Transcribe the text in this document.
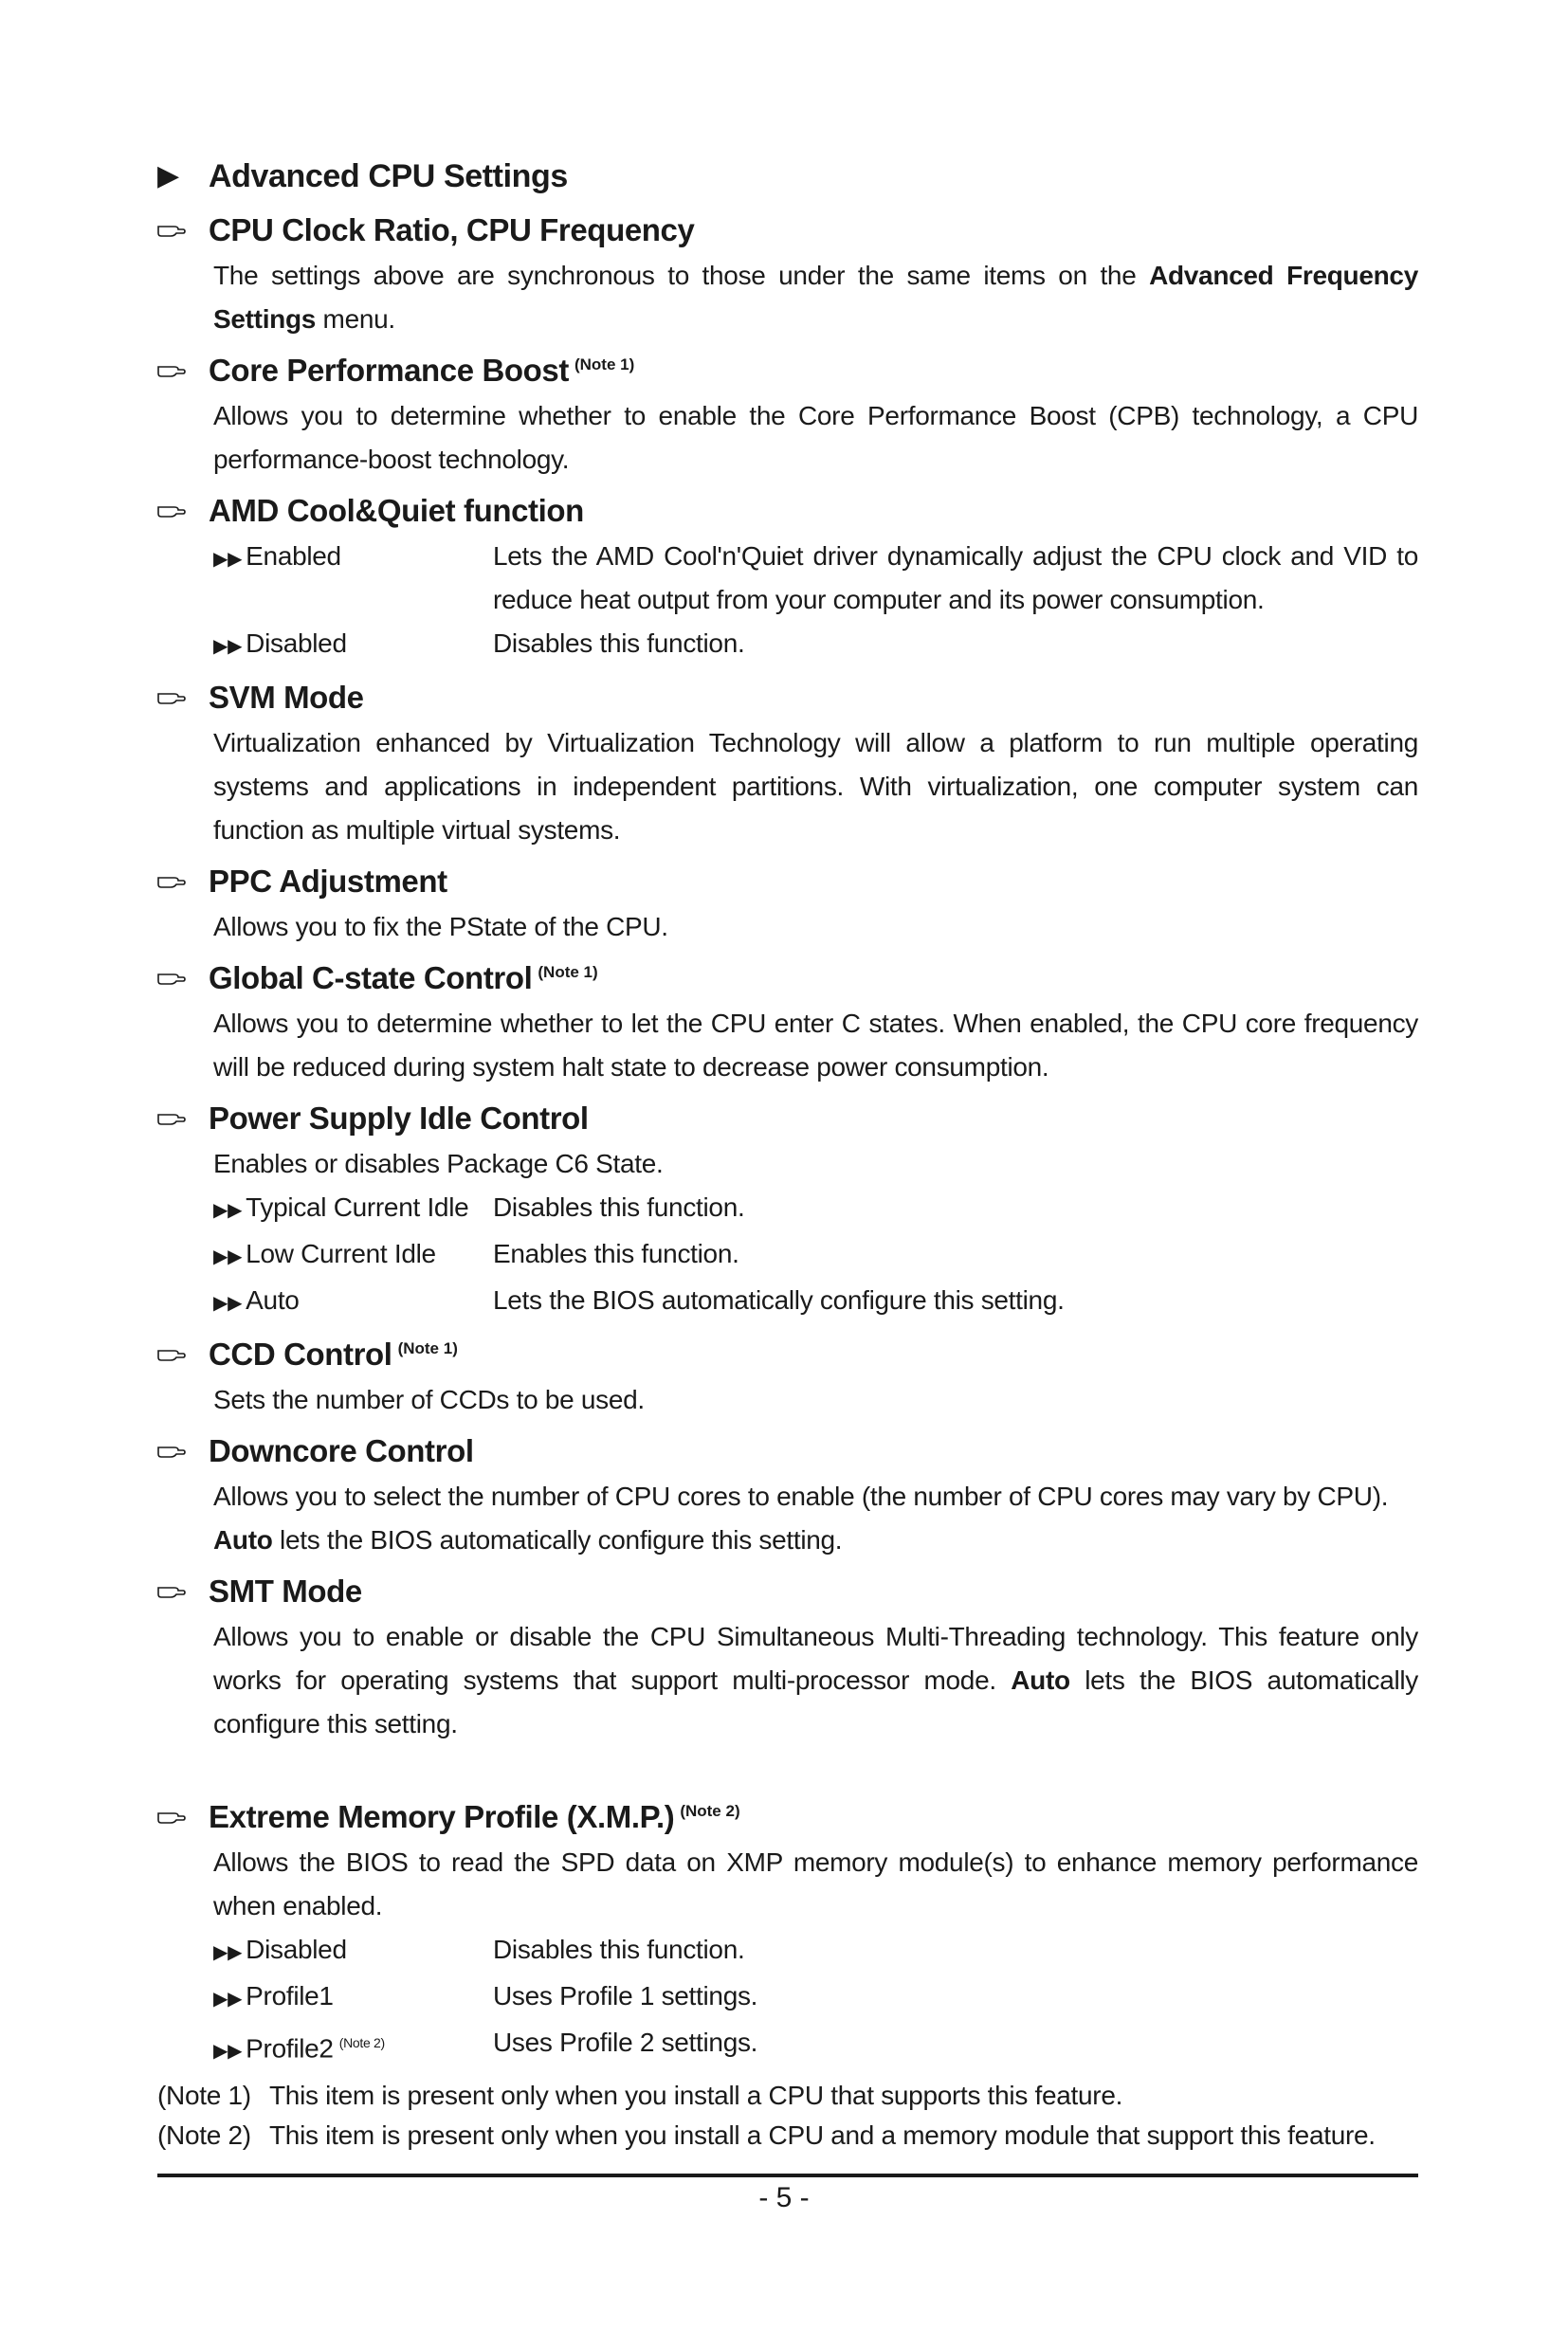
▶ Advanced CPU Settings
CPU Clock Ratio, CPU Frequency
The settings above are synchronous to those under the same items on the Advanced Frequency Settings menu.
Core Performance Boost $^{(Note 1)}$
Allows you to determine whether to enable the Core Performance Boost (CPB) technology, a CPU performance-boost technology.
AMD Cool&Quiet function
▶▶ Enabled	Lets the AMD Cool'n'Quiet driver dynamically adjust the CPU clock and VID to reduce heat output from your computer and its power consumption.
▶▶ Disabled	Disables this function.
SVM Mode
Virtualization enhanced by Virtualization Technology will allow a platform to run multiple operating systems and applications in independent partitions. With virtualization, one computer system can function as multiple virtual systems.
PPC Adjustment
Allows you to fix the PState of the CPU.
Global C-state Control $^{(Note 1)}$
Allows you to determine whether to let the CPU enter C states. When enabled, the CPU core frequency will be reduced during system halt state to decrease power consumption.
Power Supply Idle Control
Enables or disables Package C6 State.
▶▶ Typical Current Idle Disables this function.
▶▶ Low Current Idle	Enables this function.
▶▶ Auto	Lets the BIOS automatically configure this setting.
CCD Control $^{(Note 1)}$
Sets the number of CCDs to be used.
Downcore Control
Allows you to select the number of CPU cores to enable (the number of CPU cores may vary by CPU).
Auto lets the BIOS automatically configure this setting.
SMT Mode
Allows you to enable or disable the CPU Simultaneous Multi-Threading technology. This feature only works for operating systems that support multi-processor mode. Auto lets the BIOS automatically configure this setting.
Extreme Memory Profile (X.M.P.) $^{(Note 2)}$
Allows the BIOS to read the SPD data on XMP memory module(s) to enhance memory performance when enabled.
▶▶ Disabled	Disables this function.
▶▶ Profile1	Uses Profile 1 settings.
▶▶ Profile2 $^{(Note 2)}$	Uses Profile 2 settings.
(Note 1) This item is present only when you install a CPU that supports this feature.
(Note 2) This item is present only when you install a CPU and a memory module that support this feature.
- 5 -
